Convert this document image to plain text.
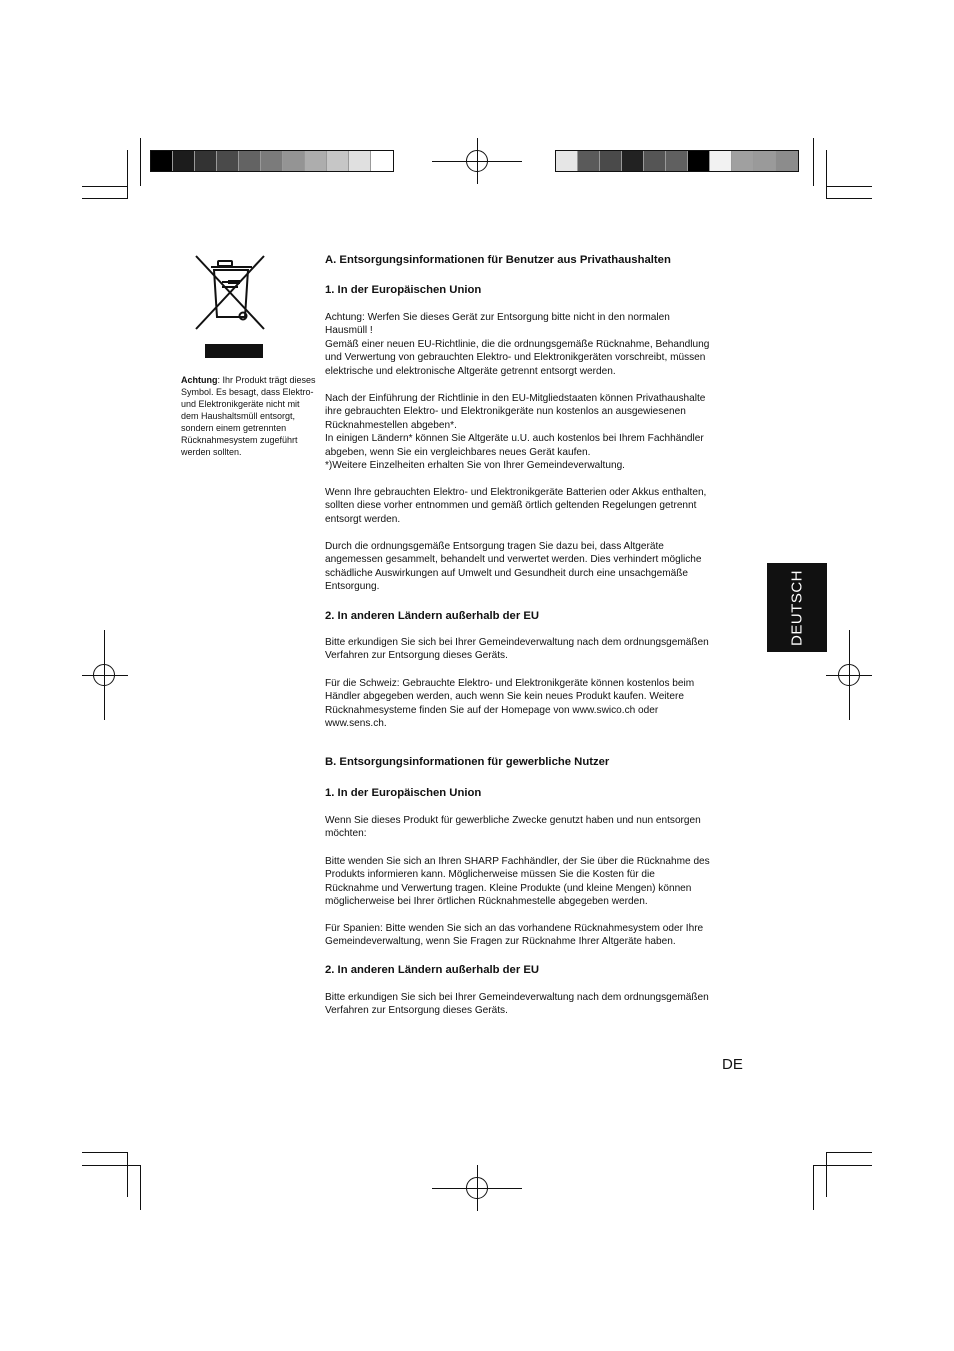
Achtung: Ihr Produkt trägt dieses Symbol. Es besagt, dass Elektro- und Elektronikgeräte nicht mit dem Haushaltsmüll entsorgt, sondern einem getrennten Rücknahmesystem zugeführt werden sollten.
A. Entsorgungsinformationen für Benutzer aus Privathaushalten
1. In der Europäischen Union
Achtung: Werfen Sie dieses Gerät zur Entsorgung bitte nicht in den normalen
Hausmüll !
Gemäß einer neuen EU-Richtlinie, die die ordnungsgemäße Rücknahme, Behandlung
und Verwertung von gebrauchten Elektro- und Elektronikgeräten vorschreibt, müssen
elektrische und elektronische Altgeräte getrennt entsorgt werden.
Nach der Einführung der Richtlinie in den EU-Mitgliedstaaten können Privathaushalte
ihre gebrauchten Elektro- und Elektronikgeräte nun kostenlos an ausgewiesenen
Rücknahmestellen abgeben*.
In einigen Ländern* können Sie Altgeräte u.U. auch kostenlos bei Ihrem Fachhändler
abgeben, wenn Sie ein vergleichbares neues Gerät kaufen.
*)Weitere Einzelheiten erhalten Sie von Ihrer Gemeindeverwaltung.
Wenn Ihre gebrauchten Elektro- und Elektronikgeräte Batterien oder Akkus enthalten,
sollten diese vorher entnommen und gemäß örtlich geltenden Regelungen getrennt
entsorgt werden.
Durch die ordnungsgemäße Entsorgung tragen Sie dazu bei, dass Altgeräte
angemessen gesammelt, behandelt und verwertet werden. Dies verhindert mögliche
schädliche Auswirkungen auf Umwelt und Gesundheit durch eine unsachgemäße
Entsorgung.
2. In anderen Ländern außerhalb der EU
Bitte erkundigen Sie sich bei Ihrer Gemeindeverwaltung nach dem ordnungsgemäßen
Verfahren zur Entsorgung dieses Geräts.
Für die Schweiz: Gebrauchte Elektro- und Elektronikgeräte können kostenlos beim
Händler abgegeben werden, auch wenn Sie kein neues Produkt kaufen. Weitere
Rücknahmesysteme finden Sie auf der Homepage von www.swico.ch oder
www.sens.ch.
B. Entsorgungsinformationen für gewerbliche Nutzer
1. In der Europäischen Union
Wenn Sie dieses Produkt für gewerbliche Zwecke genutzt haben und nun entsorgen
möchten:
Bitte wenden Sie sich an Ihren SHARP Fachhändler, der Sie über die Rücknahme des
Produkts informieren kann. Möglicherweise müssen Sie die Kosten für die
Rücknahme und Verwertung tragen. Kleine Produkte (und kleine Mengen) können
möglicherweise bei Ihrer örtlichen Rücknahmestelle abgegeben werden.
Für Spanien: Bitte wenden Sie sich an das vorhandene Rücknahmesystem oder Ihre
Gemeindeverwaltung, wenn Sie Fragen zur Rücknahme Ihrer Altgeräte haben.
2. In anderen Ländern außerhalb der EU
Bitte erkundigen Sie sich bei Ihrer Gemeindeverwaltung nach dem ordnungsgemäßen
Verfahren zur Entsorgung dieses Geräts.
DEUTSCH
DE
